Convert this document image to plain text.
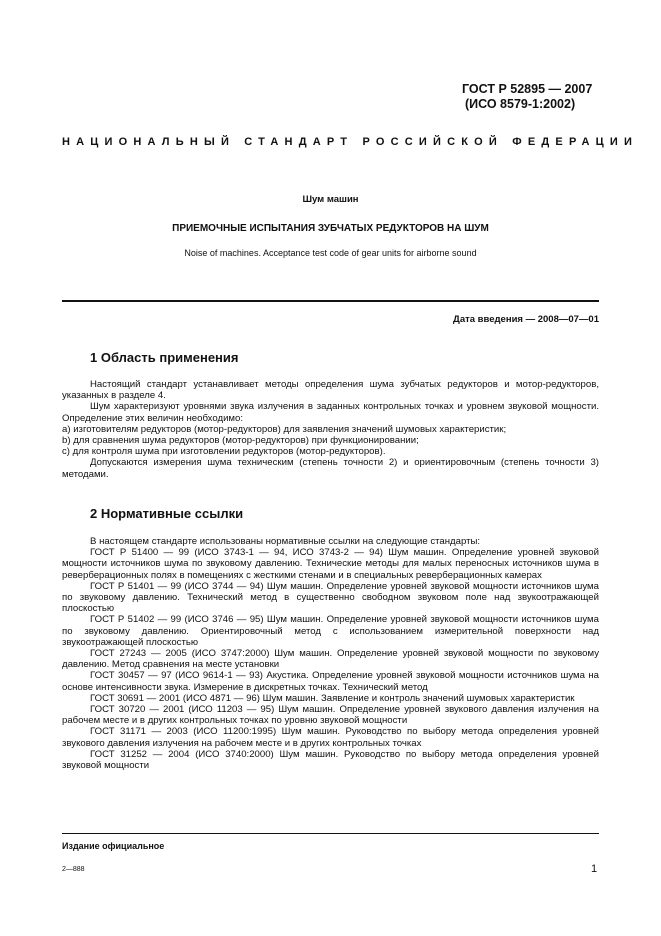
ГОСТ Р 52895 — 2007
(ИСО 8579-1:2002)
НАЦИОНАЛЬНЫЙ СТАНДАРТ РОССИЙСКОЙ ФЕДЕРАЦИИ
Шум машин
ПРИЕМОЧНЫЕ ИСПЫТАНИЯ ЗУБЧАТЫХ РЕДУКТОРОВ НА ШУМ
Noise of machines. Acceptance test code of gear units for airborne sound
Дата введения — 2008—07—01
1 Область применения
Настоящий стандарт устанавливает методы определения шума зубчатых редукторов и мотор-редукторов, указанных в разделе 4.
Шум характеризуют уровнями звука излучения в заданных контрольных точках и уровнем звуковой мощности. Определение этих величин необходимо:
a) изготовителям редукторов (мотор-редукторов) для заявления значений шумовых характеристик;
b) для сравнения шума редукторов (мотор-редукторов) при функционировании;
c) для контроля шума при изготовлении редукторов (мотор-редукторов).
Допускаются измерения шума техническим (степень точности 2) и ориентировочным (степень точности 3) методами.
2 Нормативные ссылки
В настоящем стандарте использованы нормативные ссылки на следующие стандарты:
ГОСТ Р 51400 — 99 (ИСО 3743-1 — 94, ИСО 3743-2 — 94) Шум машин. Определение уровней звуковой мощности источников шума по звуковому давлению. Технические методы для малых переносных источников шума в реверберационных полях в помещениях с жесткими стенами и в специальных реверберационных камерах
ГОСТ Р 51401 — 99 (ИСО 3744 — 94) Шум машин. Определение уровней звуковой мощности источников шума по звуковому давлению. Технический метод в существенно свободном звуковом поле над звукоотражающей плоскостью
ГОСТ Р 51402 — 99 (ИСО 3746 — 95) Шум машин. Определение уровней звуковой мощности источников шума по звуковому давлению. Ориентировочный метод с использованием измерительной поверхности над звукоотражающей плоскостью
ГОСТ 27243 — 2005 (ИСО 3747:2000) Шум машин. Определение уровней звуковой мощности по звуковому давлению. Метод сравнения на месте установки
ГОСТ 30457 — 97 (ИСО 9614-1 — 93) Акустика. Определение уровней звуковой мощности источников шума на основе интенсивности звука. Измерение в дискретных точках. Технический метод
ГОСТ 30691 — 2001 (ИСО 4871 — 96) Шум машин. Заявление и контроль значений шумовых характеристик
ГОСТ 30720 — 2001 (ИСО 11203 — 95) Шум машин. Определение уровней звукового давления излучения на рабочем месте и в других контрольных точках по уровню звуковой мощности
ГОСТ 31171 — 2003 (ИСО 11200:1995) Шум машин. Руководство по выбору метода определения уровней звукового давления излучения на рабочем месте и в других контрольных точках
ГОСТ 31252 — 2004 (ИСО 3740:2000) Шум машин. Руководство по выбору метода определения уровней звуковой мощности
Издание официальное
2—888	1
